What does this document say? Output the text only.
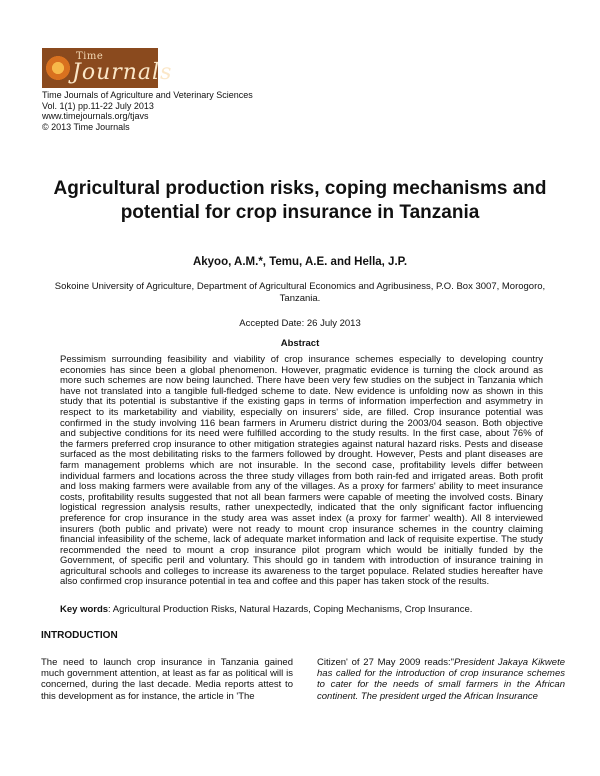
Time
Journals
Time Journals of Agriculture and Veterinary Sciences
Vol. 1(1) pp.11-22 July 2013
www.timejournals.org/tjavs
© 2013 Time Journals
Agricultural production risks, coping mechanisms and potential for crop insurance in Tanzania
Akyoo, A.M.*, Temu, A.E. and Hella, J.P.
Sokoine University of Agriculture, Department of Agricultural Economics and Agribusiness, P.O. Box 3007, Morogoro, Tanzania.
Accepted Date: 26 July 2013
Abstract

Pessimism surrounding feasibility and viability of crop insurance schemes especially to developing country economies has since been a global phenomenon. However, pragmatic evidence is turning the clock around as more such schemes are now being launched. There have been very few studies on the subject in Tanzania which have not translated into a tangible full-fledged scheme to date. New evidence is unfolding now as shown in this study that its potential is substantive if the existing gaps in terms of information imperfection and asymmetry in respect to its marketability and viability, especially on insurers' side, are filled. Crop insurance potential was confirmed in the study involving 116 bean farmers in Arumeru district during the 2003/04 season. Both objective and subjective conditions for its need were fulfilled according to the study results. In the first case, about 76% of the farmers preferred crop insurance to other mitigation strategies against natural hazard risks. Pests and disease surfaced as the most debilitating risks to the farmers followed by drought. However, Pests and plant diseases are farm management problems which are not insurable. In the second case, profitability levels differ between individual farmers and locations across the three study villages from both rain-fed and irrigated areas. Both profit and loss making farmers were available from any of the villages. As a proxy for farmers' ability to meet insurance costs, profitability results suggested that not all bean farmers were capable of meeting the involved costs. Binary logistical regression analysis results, rather unexpectedly, indicated that the only significant factor influencing preference for crop insurance in the study area was asset index (a proxy for farmer' wealth). All 8 interviewed insurers (both public and private) were not ready to mount crop insurance schemes in the country claiming financial infeasibility of the scheme, lack of adequate market information and lack of requisite expertise. The study recommended the need to mount a crop insurance pilot program which would be initially funded by the Government, of specific peril and voluntary. This should go in tandem with introduction of insurance training in agricultural schools and colleges to increase its awareness to the target populace. Related studies hereafter have also confirmed crop insurance potential in tea and coffee and this paper has taken stock of the results.

Key words: Agricultural Production Risks, Natural Hazards, Coping Mechanisms, Crop Insurance.

INTRODUCTION

The need to launch crop insurance in Tanzania gained much government attention, at least as far as political will is concerned, during the last decade. Media reports attest to this development as for instance, the article in 'The

Citizen' of 27 May 2009 reads:"President Jakaya Kikwete has called for the introduction of crop insurance schemes to cater for the needs of small farmers in the African continent. The president urged the African Insurance
